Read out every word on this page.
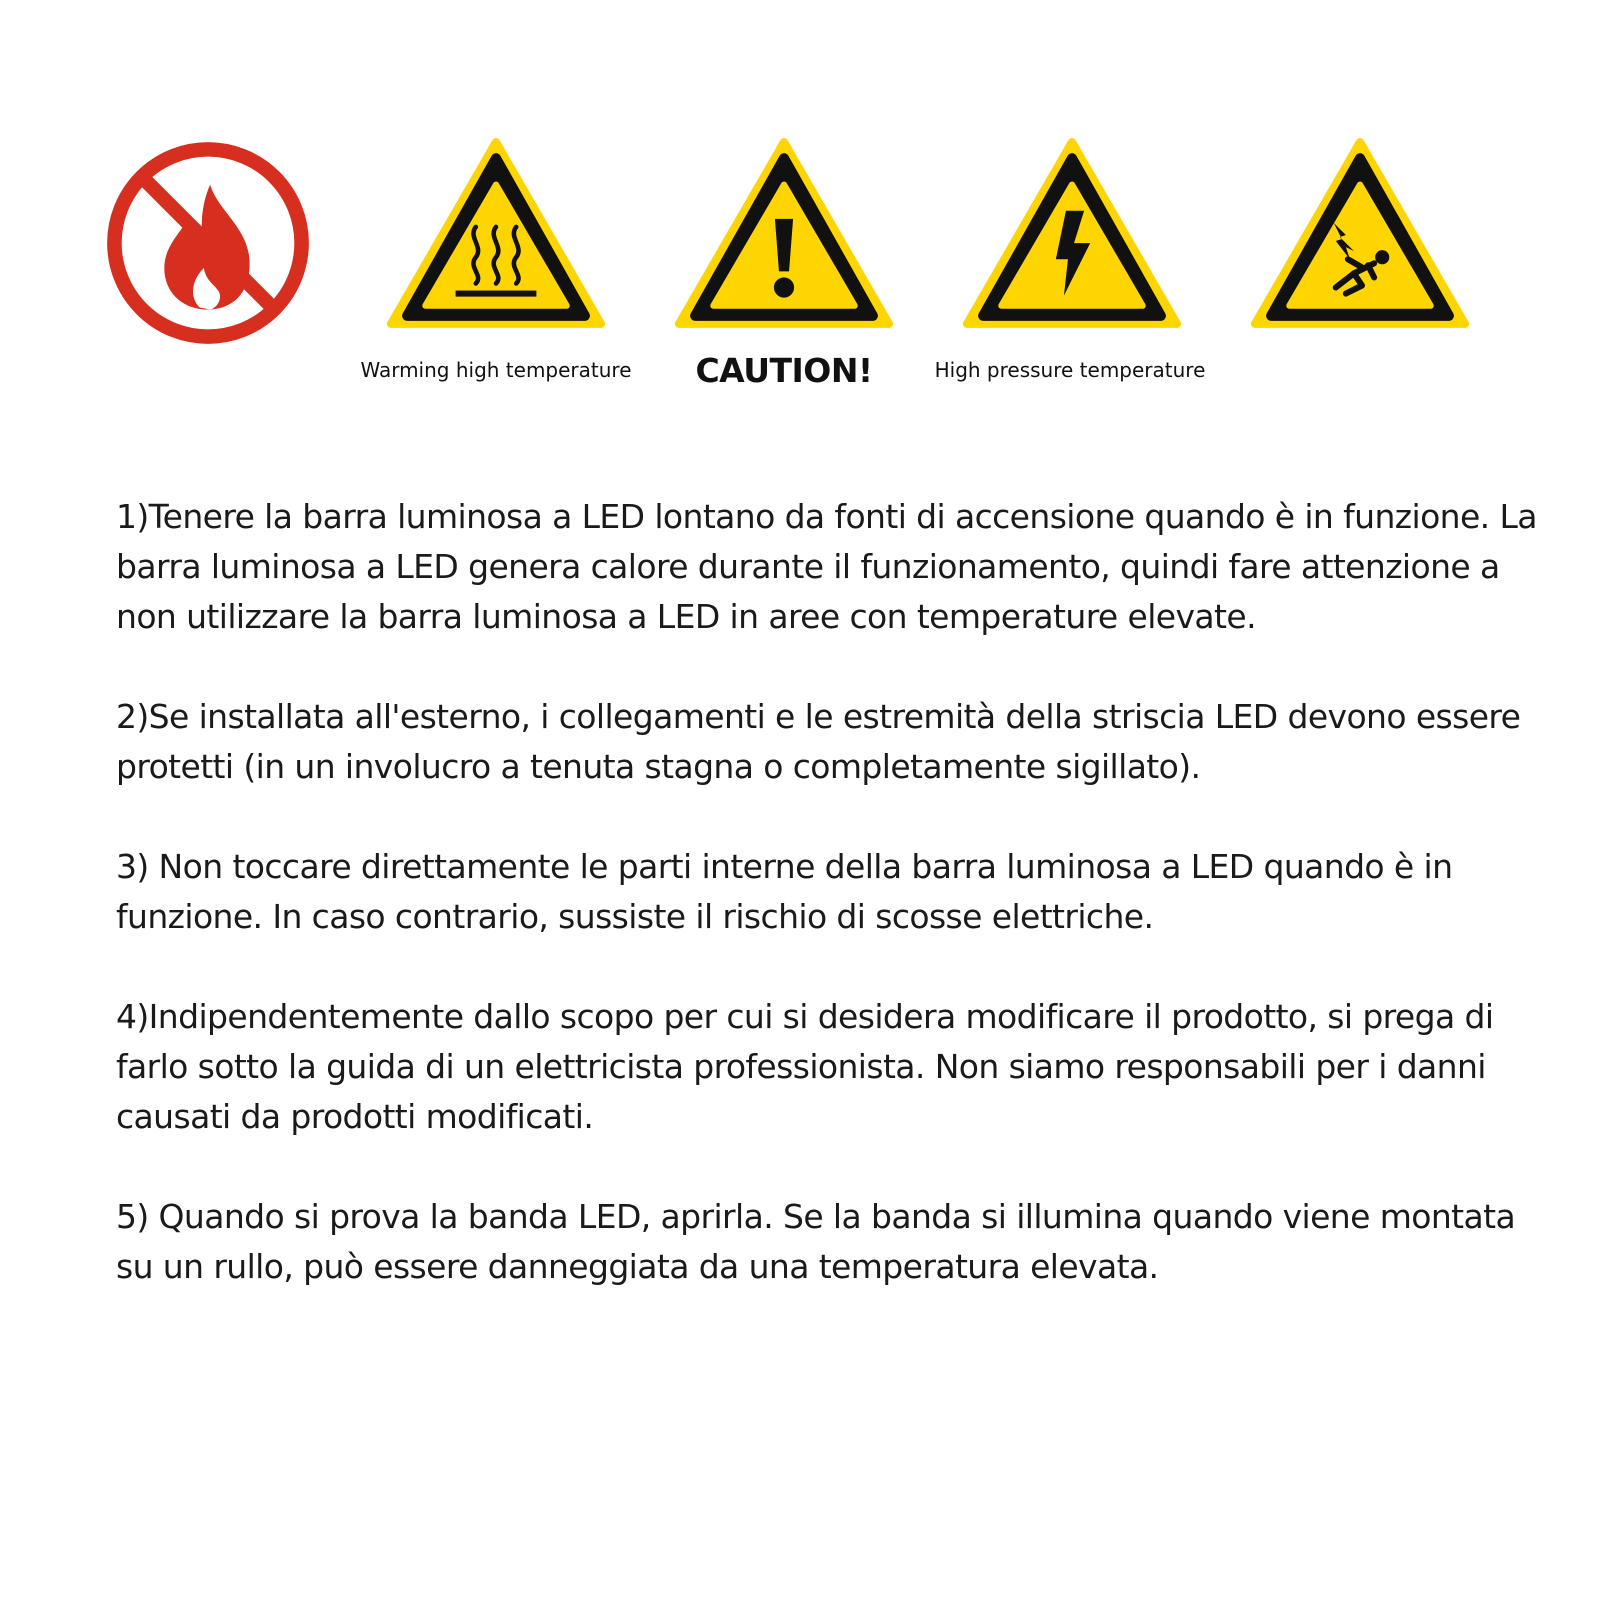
Warming high temperature	CAUTION!	High pressure temperature

1)Tenere la barra luminosa a LED lontano da fonti di accensione quando è in funzione. La barra luminosa a LED genera calore durante il funzionamento, quindi fare attenzione a non utilizzare la barra luminosa a LED in aree con temperature elevate.

2)Se installata all'esterno, i collegamenti e le estremità della striscia LED devono essere protetti (in un involucro a tenuta stagna o completamente sigillato).

3) Non toccare direttamente le parti interne della barra luminosa a LED quando è in funzione. In caso contrario, sussiste il rischio di scosse elettriche.

4)Indipendentemente dallo scopo per cui si desidera modificare il prodotto, si prega di farlo sotto la guida di un elettricista professionista. Non siamo responsabili per i danni causati da prodotti modificati.

5) Quando si prova la banda LED, aprirla. Se la banda si illumina quando viene montata su un rullo, può essere danneggiata da una temperatura elevata.
